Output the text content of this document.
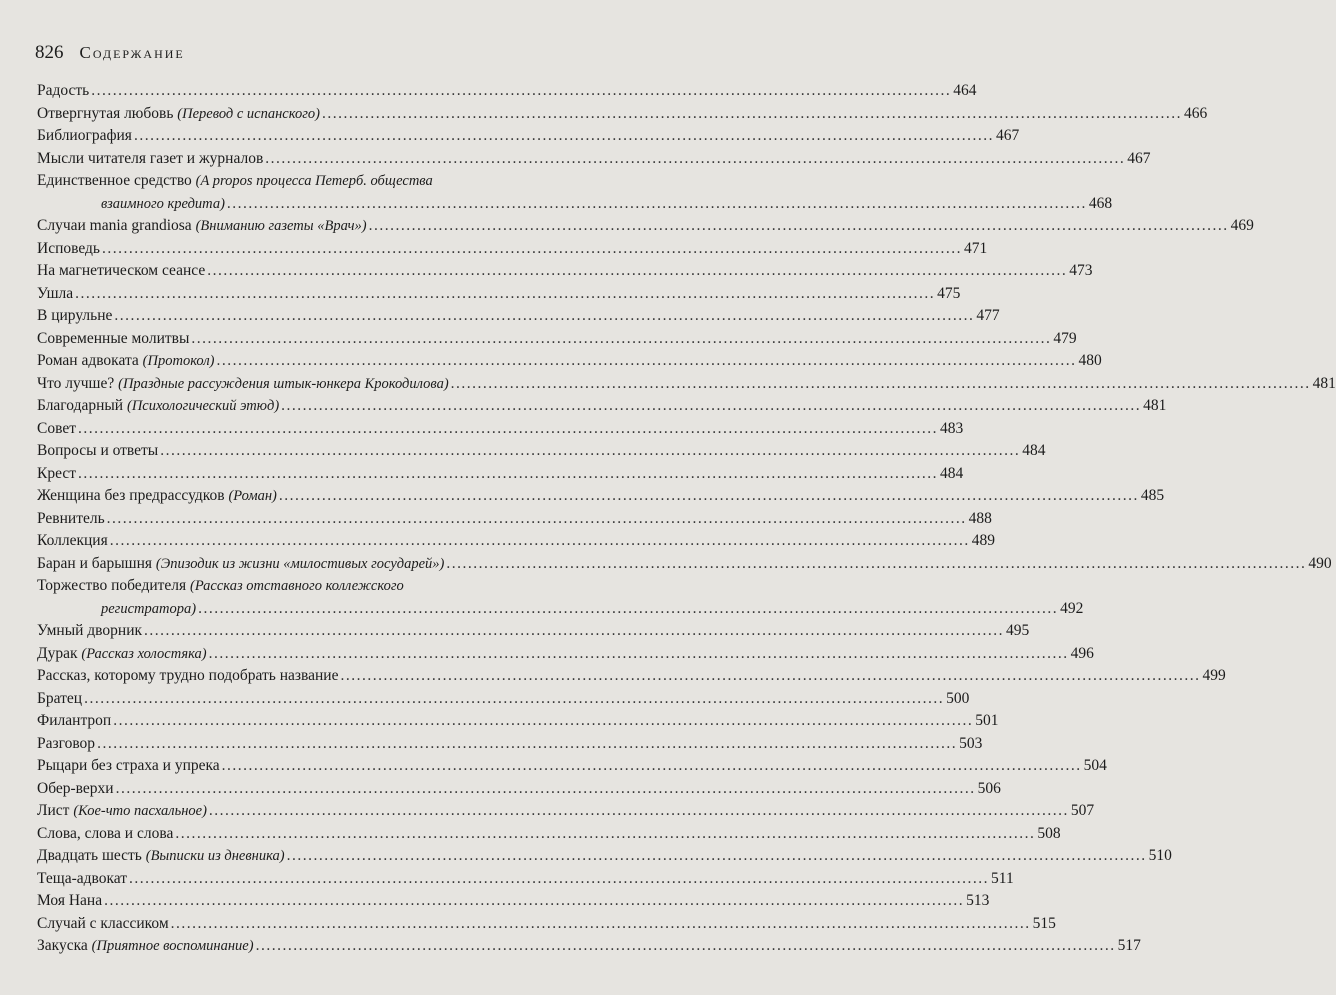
826 Содержание
Радость .....	464
Отвергнутая любовь (Перевод с испанского) .....	466
Библиография .....	467
Мысли читателя газет и журналов .....	467
Единственное средство (A propos процесса Петерб. общества
взаимного кредита) .....	468
Случаи mania grandiosa (Вниманию газеты «Врач») .....	469
Исповедь .....	471
На магнетическом сеансе .....	473
Ушла .....	475
В цирульне .....	477
Современные молитвы .....	479
Роман адвоката (Протокол) .....	480
Что лучше? (Праздные рассуждения штык-юнкера Крокодилова) .....	481
Благодарный (Психологический этюд) .....	481
Совет .....	483
Вопросы и ответы .....	484
Крест .....	484
Женщина без предрассудков (Роман) .....	485
Ревнитель .....	488
Коллекция .....	489
Баран и барышня (Эпизодик из жизни «милостивых государей») .....	490
Торжество победителя (Рассказ отставного коллежского
регистратора) .....	492
Умный дворник .....	495
Дурак (Рассказ холостяка) .....	496
Рассказ, которому трудно подобрать название .....	499
Братец .....	500
Филантроп .....	501
Разговор .....	503
Рыцари без страха и упрека .....	504
Обер-верхи .....	506
Лист (Кое-что пасхальное) .....	507
Слова, слова и слова .....	508
Двадцать шесть (Выписки из дневника) .....	510
Теща-адвокат .....	511
Моя Нана .....	513
Случай с классиком .....	515
Закуска (Приятное воспоминание) .....	517
